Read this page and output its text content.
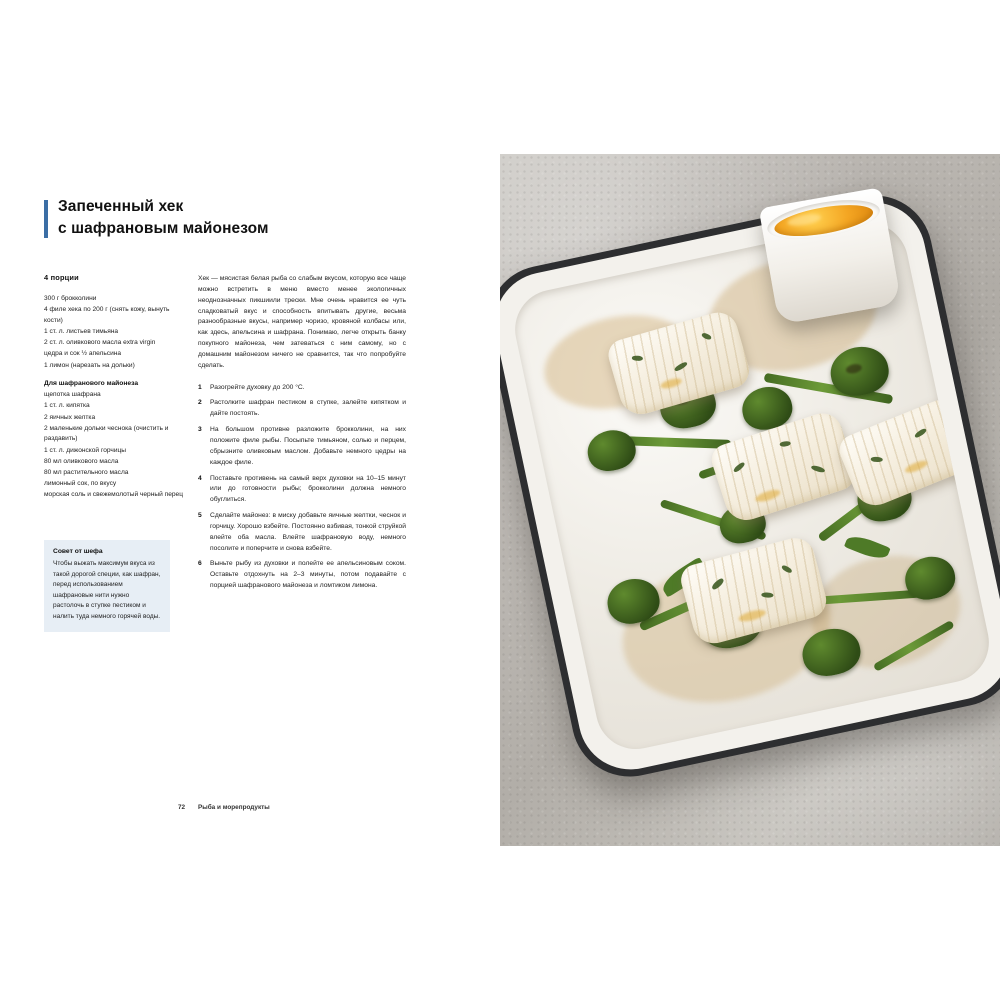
Запеченный хек
с шафрановым майонезом
4 порции
300 г брокколини
4 филе хека по 200 г (снять кожу, вынуть кости)
1 ст. л. листьев тимьяна
2 ст. л. оливкового масла extra virgin
цедра и сок ½ апельсина
1 лимон (нарезать на дольки)
Для шафранового майонеза
щепотка шафрана
1 ст. л. кипятка
2 яичных желтка
2 маленькие дольки чеснока (очистить и раздавить)
1 ст. л. дижонской горчицы
80 мл оливкового масла
80 мл растительного масла
лимонный сок, по вкусу
морская соль и свежемолотый черный перец
Совет от шефа
Чтобы выжать максимум вкуса из такой дорогой специи, как шафран, перед использованием шафрановые нити нужно растолочь в ступке пестиком и налить туда немного горячей воды.

Хек — мясистая белая рыба со слабым вкусом, которую все чаще можно встретить в меню вместо менее экологичных неоднозначных пикшиили трески. Мне очень нравится ее чуть сладковатый вкус и способность впитывать другие, весьма разнообразные вкусы, например чоризо, кровяной колбасы или, как здесь, апельсина и шафрана. Понимаю, легче открыть банку покупного майонеза, чем затеваться с ним самому, но с домашним майонезом ничего не сравнится, так что попробуйте сделать.

1 Разогрейте духовку до 200 °C.
2 Растолките шафран пестиком в ступке, залейте кипятком и дайте постоять.
3 На большом противне разложите брокколини, на них положите филе рыбы. Посыпьте тимьяном, солью и перцем, сбрызните оливковым маслом. Добавьте немного цедры на каждое филе.
4 Поставьте противень на самый верх духовки на 10–15 минут или до готовности рыбы; брокколини должна немного обуглиться.
5 Сделайте майонез: в миску добавьте яичные желтки, чеснок и горчицу. Хорошо взбейте. Постоянно взбивая, тонкой струйкой влейте оба масла. Влейте шафрановую воду, немного посолите и поперчите и снова взбейте.
6 Выньте рыбу из духовки и полейте ее апельсиновым соком. Оставьте отдохнуть на 2–3 минуты, потом подавайте с порцией шафранового майонеза и ломтиком лимона.
72 Рыба и морепродукты
